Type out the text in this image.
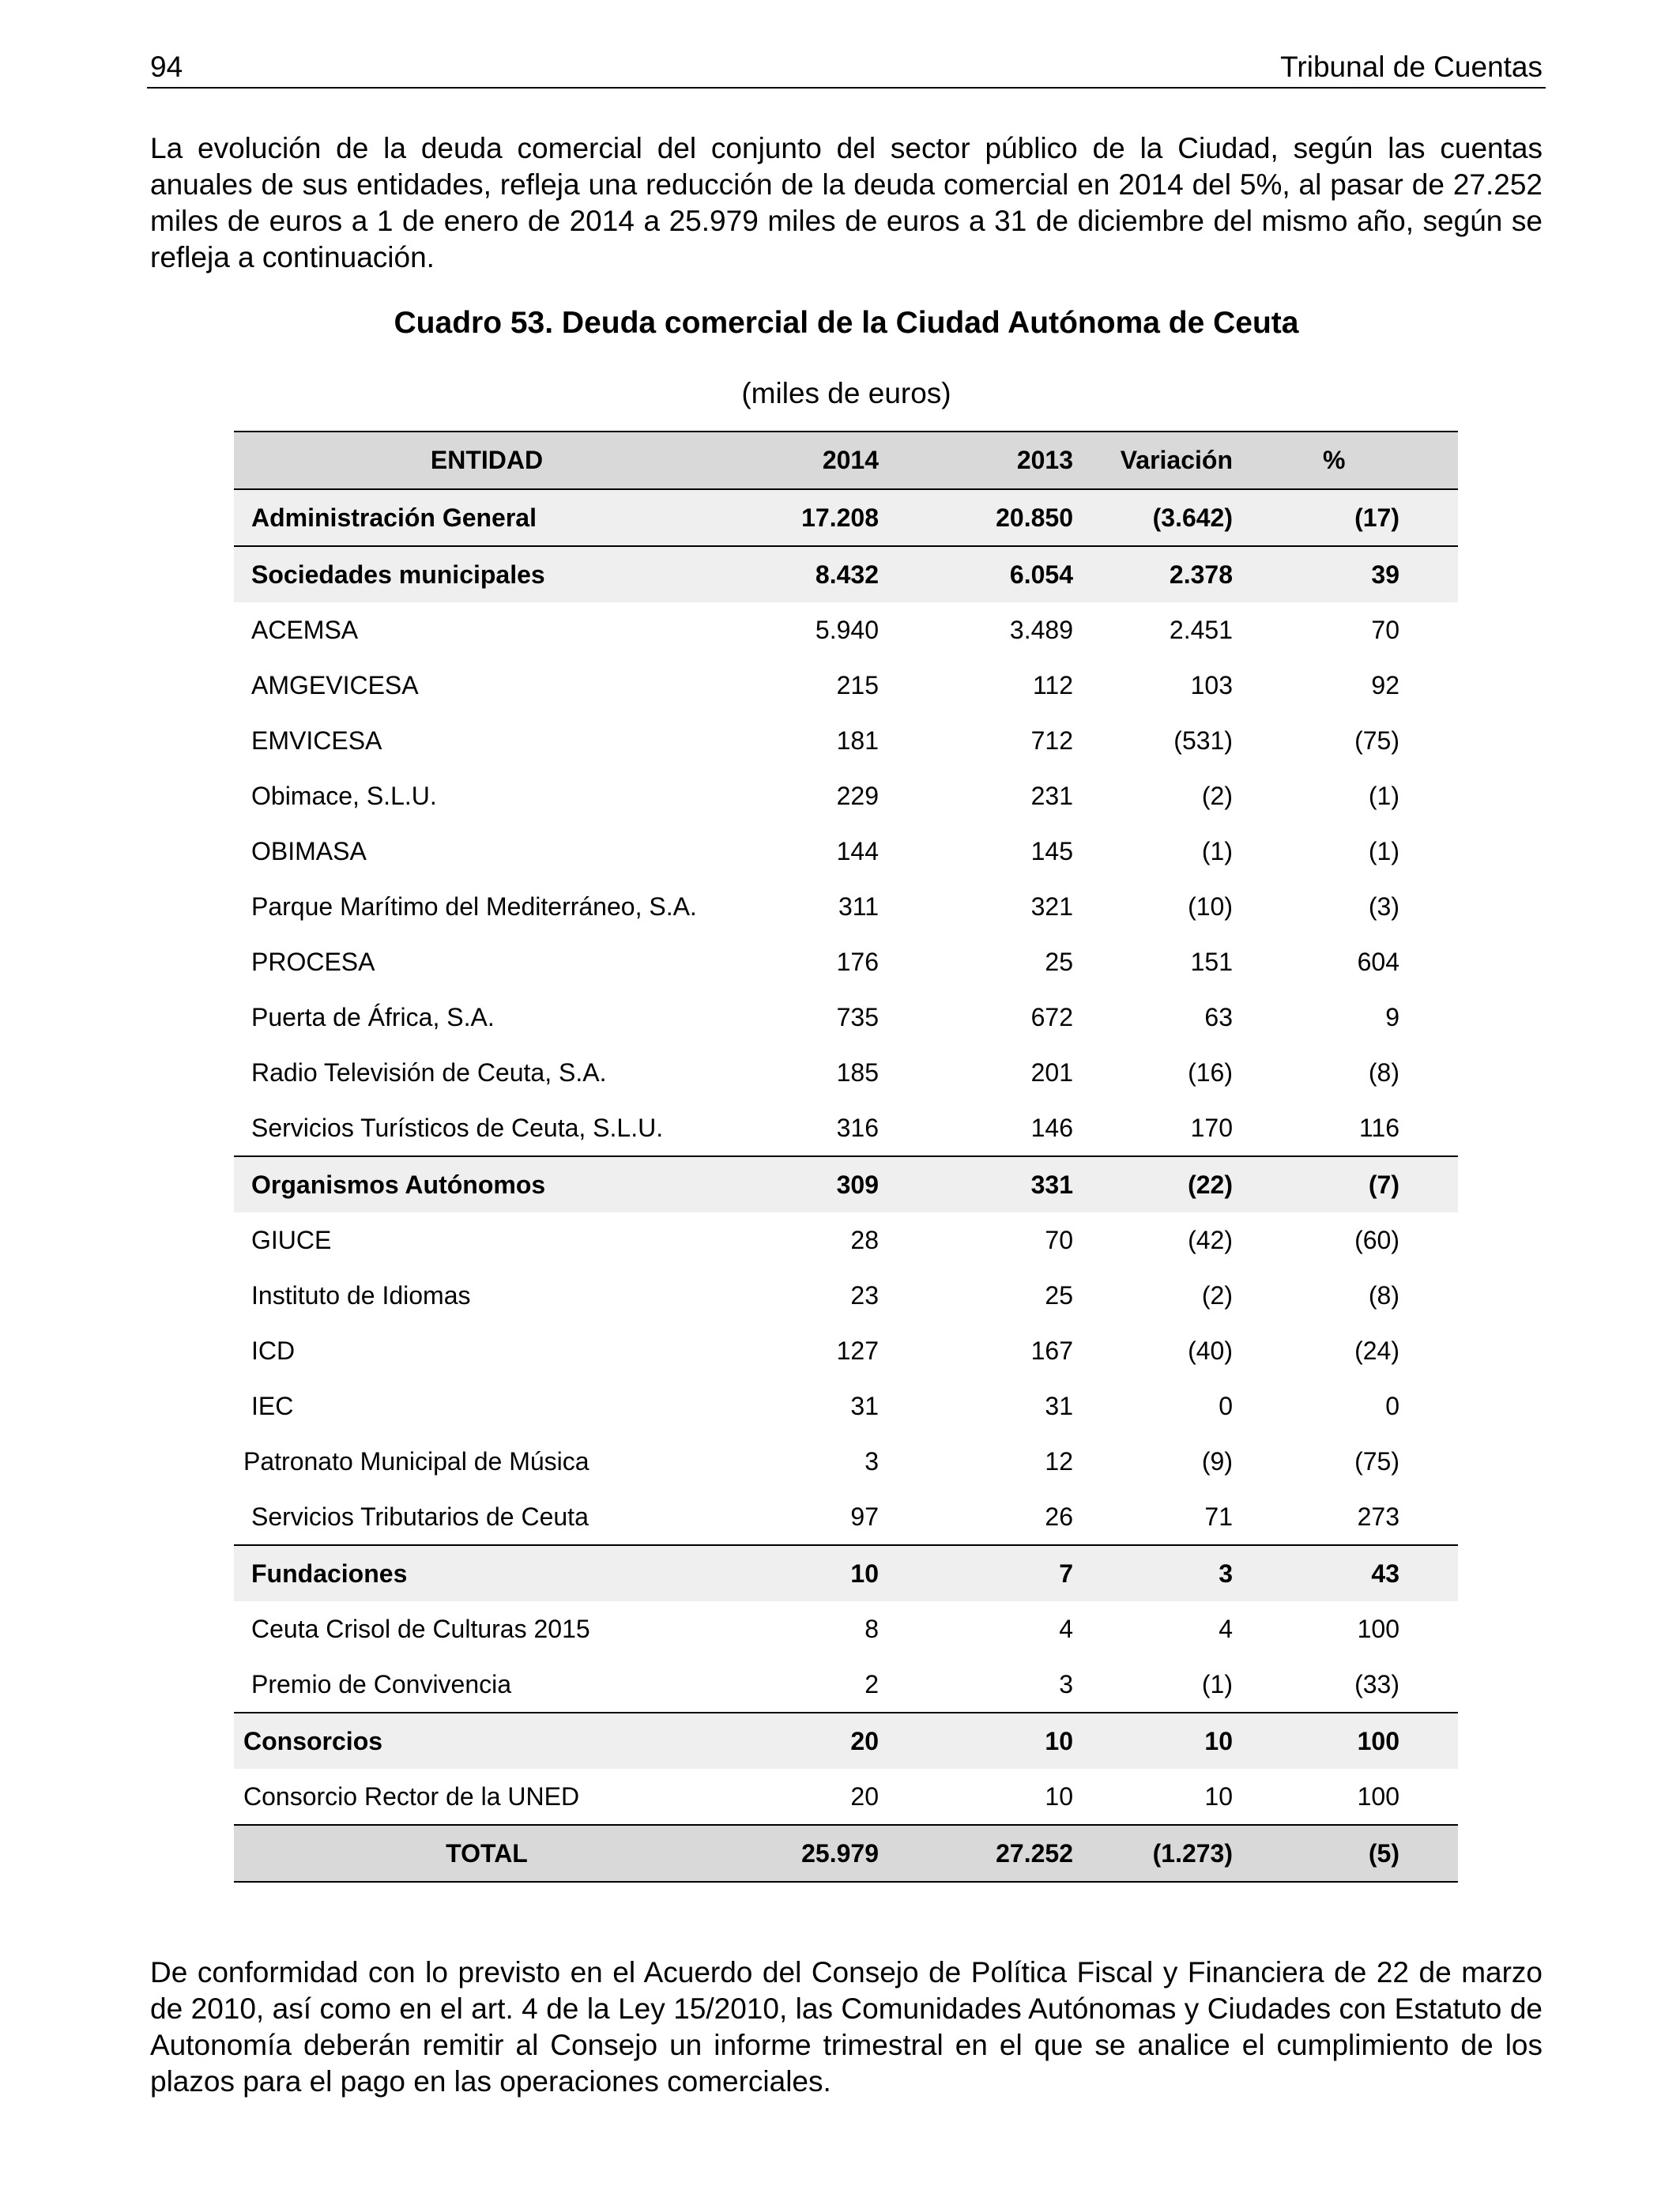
94	Tribunal de Cuentas

La evolución de la deuda comercial del conjunto del sector público de la Ciudad, según las cuentas anuales de sus entidades, refleja una reducción de la deuda comercial en 2014 del 5%, al pasar de 27.252 miles de euros a 1 de enero de 2014 a 25.979 miles de euros a 31 de diciembre del mismo año, según se refleja a continuación.

Cuadro 53. Deuda comercial de la Ciudad Autónoma de Ceuta
(miles de euros)
ENTIDAD	2014	2013	Variación	%
Administración General	17.208	20.850	(3.642)	(17)
Sociedades municipales	8.432	6.054	2.378	39
ACEMSA	5.940	3.489	2.451	70
AMGEVICESA	215	112	103	92
EMVICESA	181	712	(531)	(75)
Obimace, S.L.U.	229	231	(2)	(1)
OBIMASA	144	145	(1)	(1)
Parque Marítimo del Mediterráneo, S.A.	311	321	(10)	(3)
PROCESA	176	25	151	604
Puerta de África, S.A.	735	672	63	9
Radio Televisión de Ceuta, S.A.	185	201	(16)	(8)
Servicios Turísticos de Ceuta, S.L.U.	316	146	170	116
Organismos Autónomos	309	331	(22)	(7)
GIUCE	28	70	(42)	(60)
Instituto de Idiomas	23	25	(2)	(8)
ICD	127	167	(40)	(24)
IEC	31	31	0	0
Patronato Municipal de Música	3	12	(9)	(75)
Servicios Tributarios de Ceuta	97	26	71	273
Fundaciones	10	7	3	43
Ceuta Crisol de Culturas 2015	8	4	4	100
Premio de Convivencia	2	3	(1)	(33)
Consorcios	20	10	10	100
Consorcio Rector de la UNED	20	10	10	100
TOTAL	25.979	27.252	(1.273)	(5)

De conformidad con lo previsto en el Acuerdo del Consejo de Política Fiscal y Financiera de 22 de marzo de 2010, así como en el art. 4 de la Ley 15/2010, las Comunidades Autónomas y Ciudades con Estatuto de Autonomía deberán remitir al Consejo un informe trimestral en el que se analice el cumplimiento de los plazos para el pago en las operaciones comerciales.
